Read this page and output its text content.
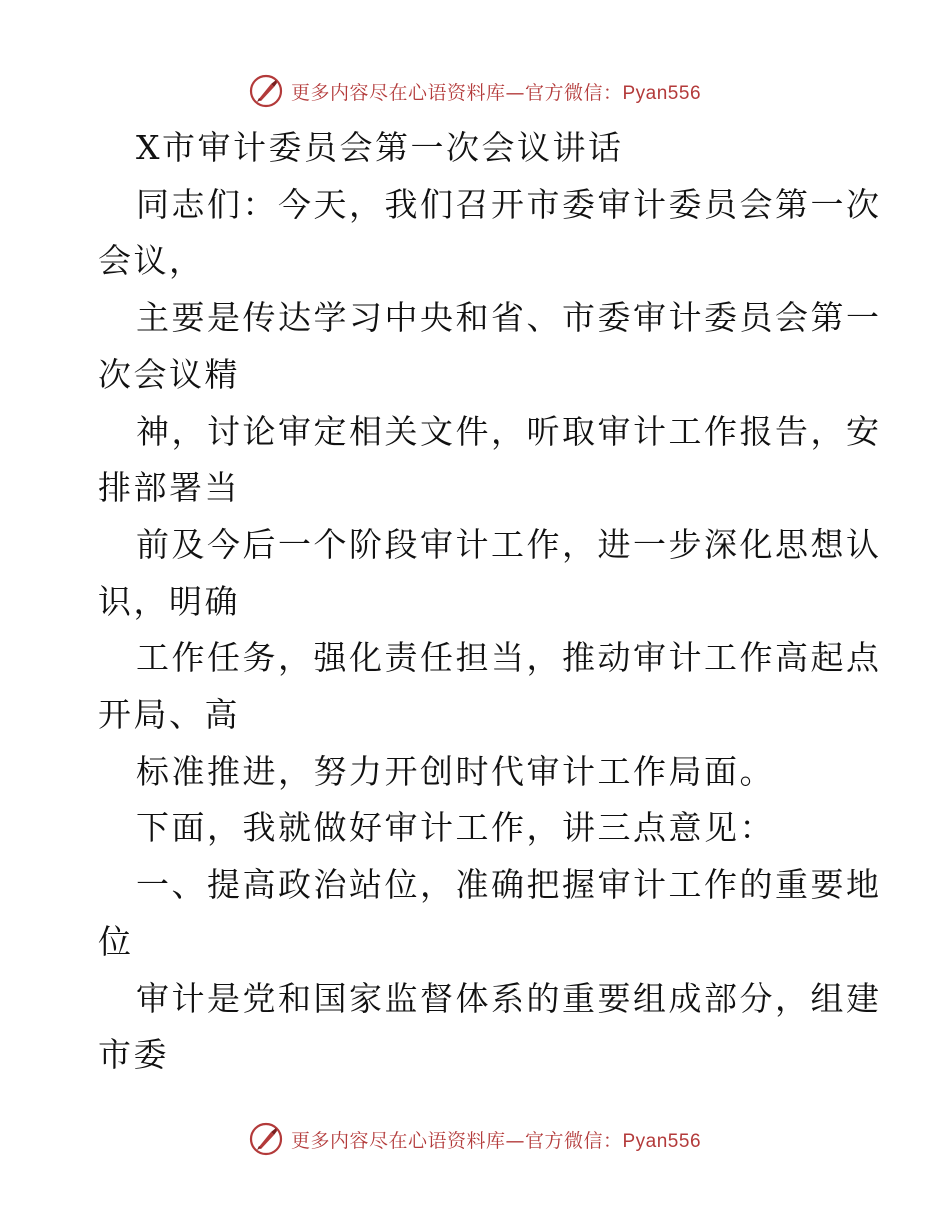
更多内容尽在心语资料库—官方微信：Pyan556
X市审计委员会第一次会议讲话
同志们：今天，我们召开市委审计委员会第一次
会议，
主要是传达学习中央和省、市委审计委员会第一
次会议精
神，讨论审定相关文件，听取审计工作报告，安
排部署当
前及今后一个阶段审计工作，进一步深化思想认
识，明确
工作任务，强化责任担当，推动审计工作高起点
开局、高
标准推进，努力开创时代审计工作局面。
下面，我就做好审计工作，讲三点意见：
一、提高政治站位，准确把握审计工作的重要地
位
审计是党和国家监督体系的重要组成部分，组建
市委
更多内容尽在心语资料库—官方微信：Pyan556
